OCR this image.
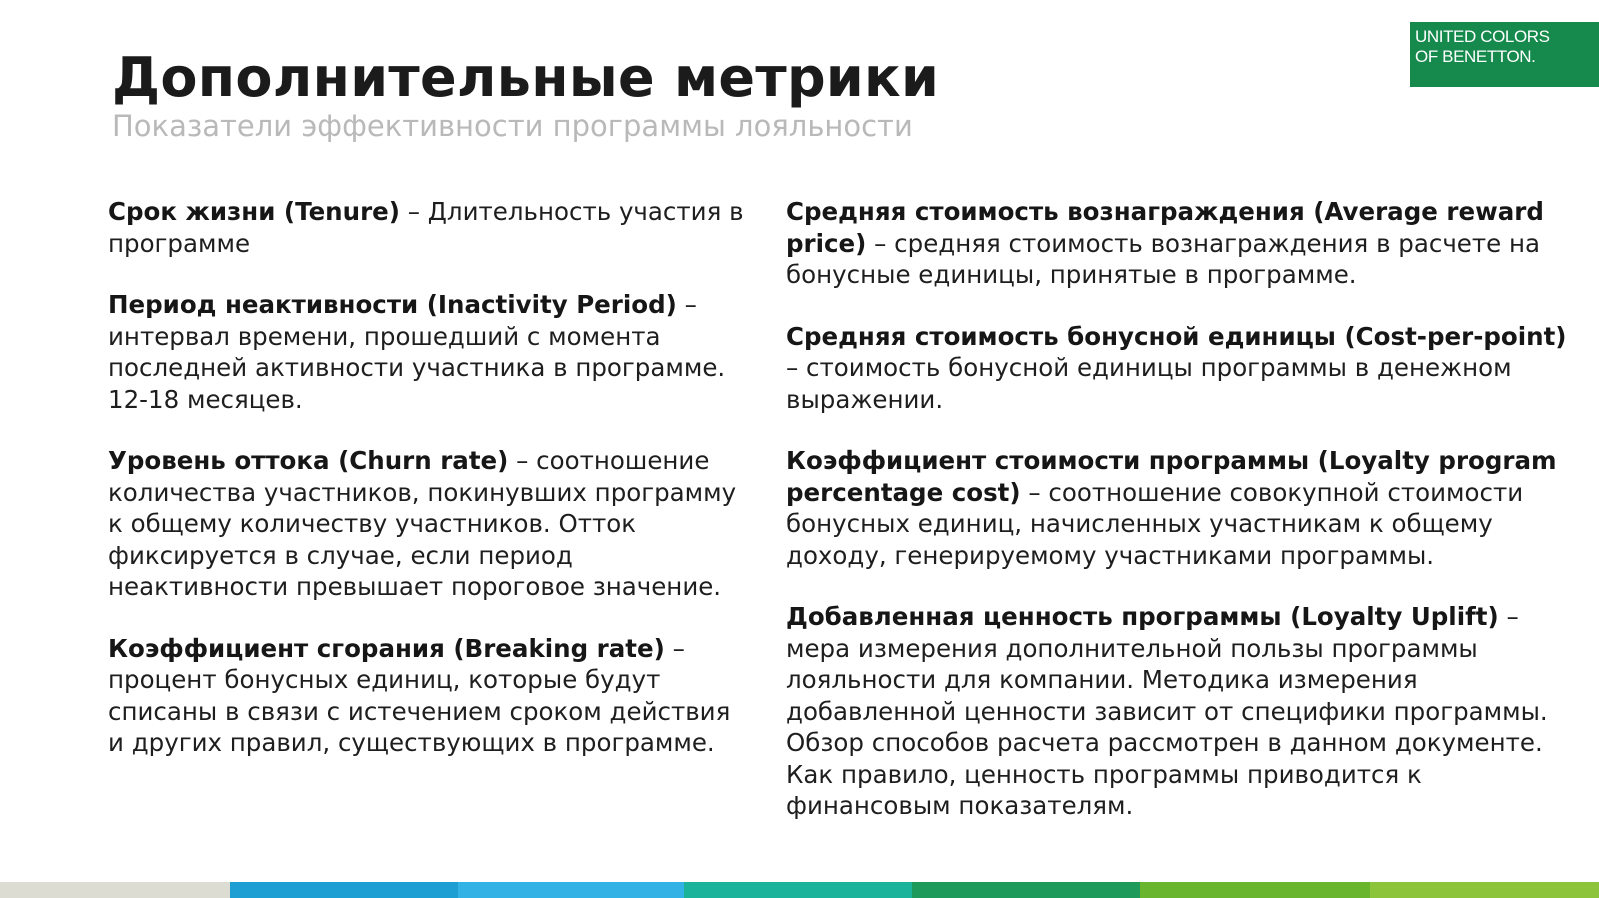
Дополнительные метрики
Показатели эффективности программы лояльности
UNITED COLORS
OF BENETTON.

Срок жизни (Tenure) – Длительность участия в программе

Период неактивности (Inactivity Period) – интервал времени, прошедший с момента последней активности участника в программе. 12-18 месяцев.

Уровень оттока (Churn rate) – соотношение количества участников, покинувших программу к общему количеству участников. Отток фиксируется в случае, если период неактивности превышает пороговое значение.

Коэффициент сгорания (Breaking rate) – процент бонусных единиц, которые будут списаны в связи с истечением сроком действия и других правил, существующих в программе.

Средняя стоимость вознаграждения (Average reward price) – средняя стоимость вознаграждения в расчете на бонусные единицы, принятые в программе.

Средняя стоимость бонусной единицы (Cost-per-point) – стоимость бонусной единицы программы в денежном выражении.

Коэффициент стоимости программы (Loyalty program percentage cost) – соотношение совокупной стоимости бонусных единиц, начисленных участникам к общему доходу, генерируемому участниками программы.

Добавленная ценность программы (Loyalty Uplift) – мера измерения дополнительной пользы программы лояльности для компании. Методика измерения добавленной ценности зависит от специфики программы. Обзор способов расчета рассмотрен в данном документе. Как правило, ценность программы приводится к финансовым показателям.
